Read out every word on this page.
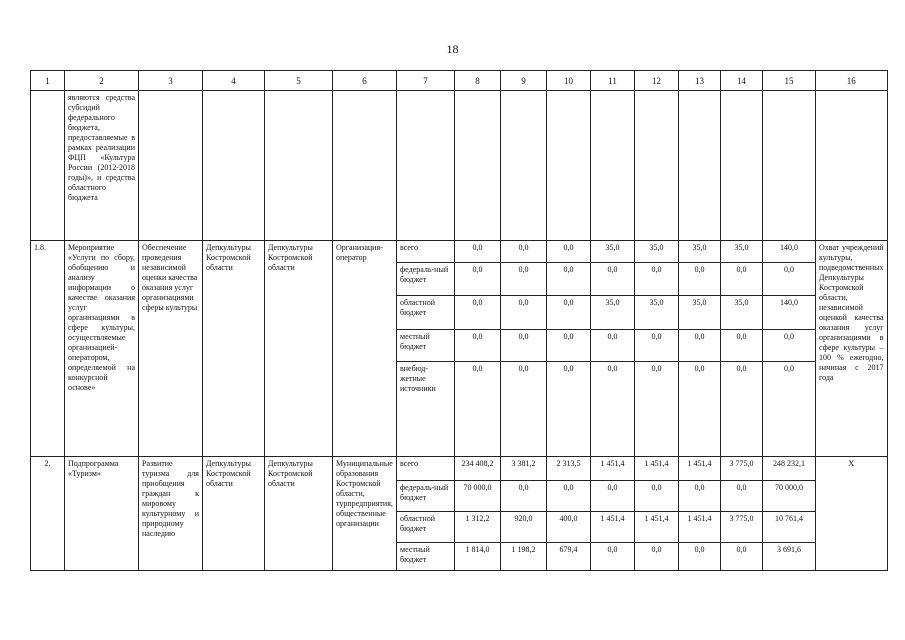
18
1	2	3	4	5	6	7	8	9	10	11	12	13	14	15	16
	являются средства субсидий федерального бюджета, предоставляемые в рамках реализации ФЦП «Культура России (2012-2018 годы)», и средства областного бюджета														
1.8.	Мероприятие «Услуги по сбору, обобщению и анализу информации о качестве оказания услуг организациями в сфере культуры, осуществляемые организацией-оператором, определяемой на конкурсной основе»	Обеспечение проведения независимой оценки качества оказания услуг организациями сферы культуры	Депкультуры Костромской области	Депкультуры Костромской области	Организация-оператор	всего	0,0	0,0	0,0	35,0	35,0	35,0	35,0	140,0	Охват учреждений культуры, подведомственных Депкультуры Костромской области, независимой оценкой качества оказания услуг организациями в сфере культуры – 100 % ежегодно, начиная с 2017 года
						федераль-ный бюджет	0,0	0,0	0,0	0,0	0,0	0,0	0,0	0,0	
						областной бюджет	0,0	0,0	0,0	35,0	35,0	35,0	35,0	140,0	
						местный бюджет	0,0	0,0	0,0	0,0	0,0	0,0	0,0	0,0	
						внебюд-жетные источники	0,0	0,0	0,0	0,0	0,0	0,0	0,0	0,0	
2.	Подпрограмма «Туризм»	Развитие туризма для приобщения граждан к мировому культурному и природному наследию	Депкультуры Костромской области	Депкультуры Костромской области	Муниципальные образования Костромской области, турпредприятия, общественные организации	всего	234 408,2	3 381,2	2 313,5	1 451,4	1 451,4	1 451,4	3 775,0	248 232,1	X
						федераль-ный бюджет	70 000,0	0,0	0,0	0,0	0,0	0,0	0,0	70 000,0	
						областной бюджет	1 312,2	920,0	400,0	1 451,4	1 451,4	1 451,4	3 775,0	10 761,4	
						местный бюджет	1 814,0	1 198,2	679,4	0,0	0,0	0,0	0,0	3 691,6	
